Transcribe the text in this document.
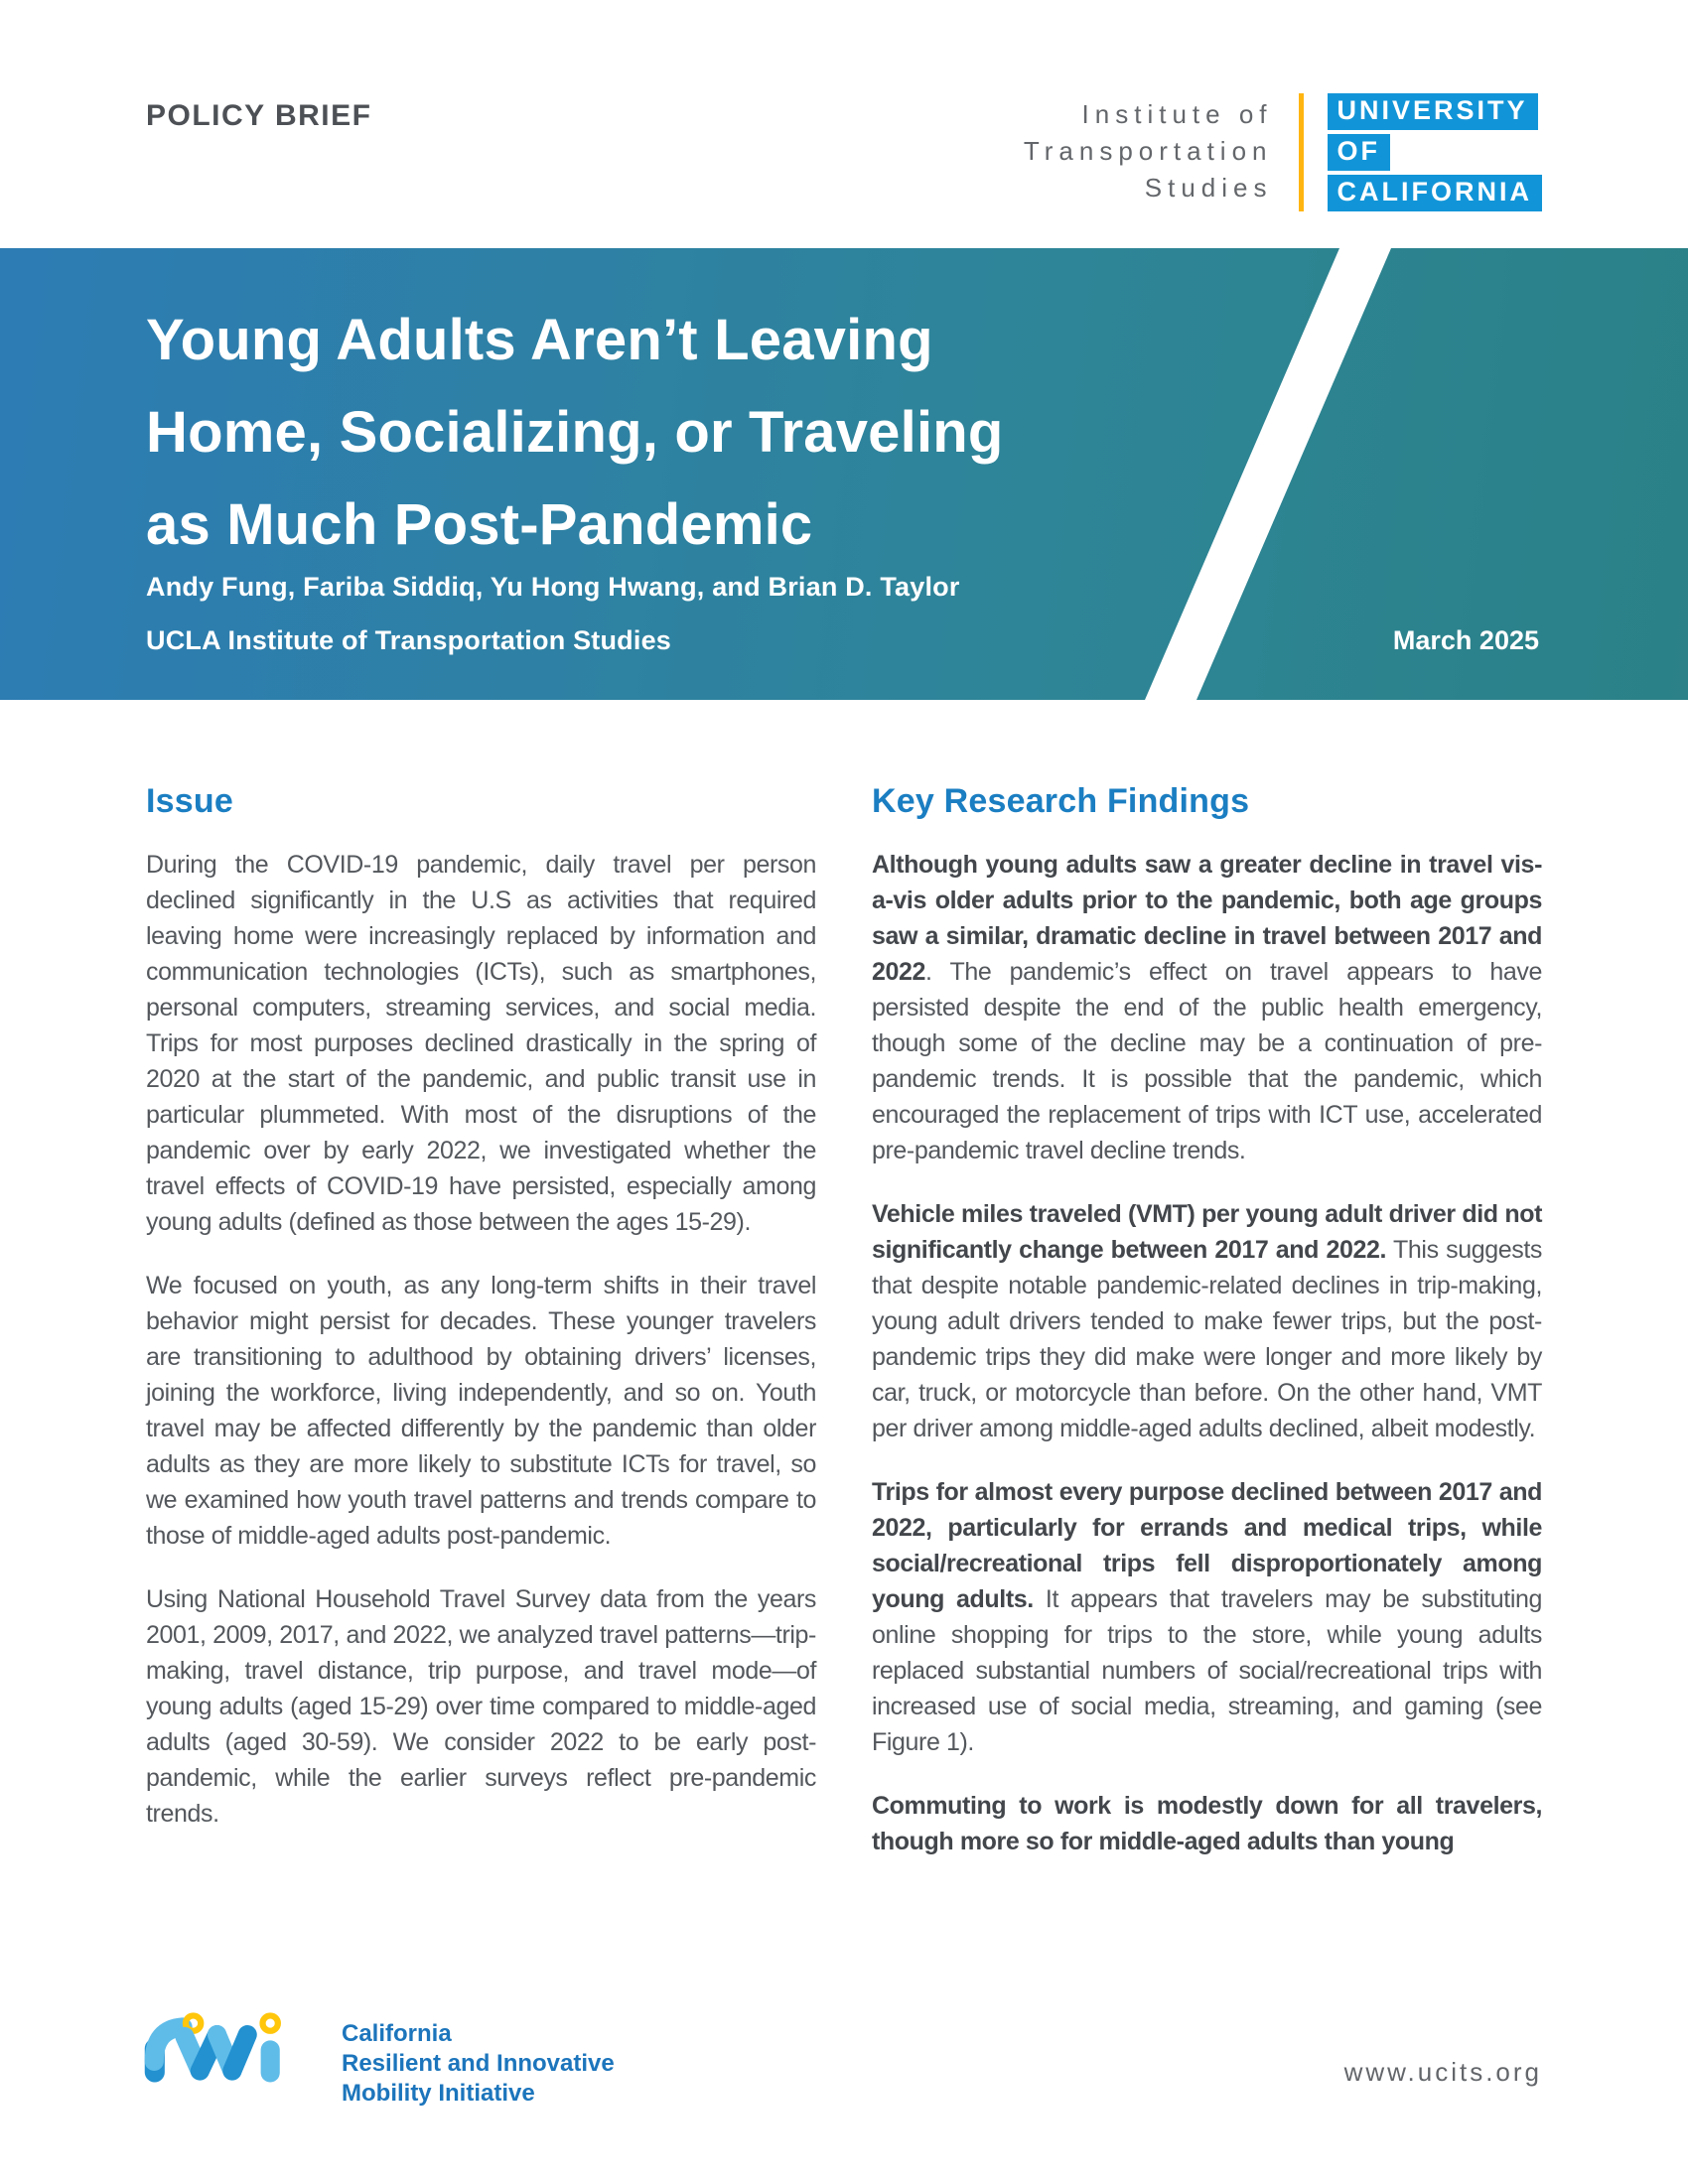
POLICY BRIEF	Institute of
Transportation
Studies
UNIVERSITY
OF
CALIFORNIA
Young Adults Aren’t Leaving
Home, Socializing, or Traveling
as Much Post-Pandemic
Andy Fung, Fariba Siddiq, Yu Hong Hwang, and Brian D. Taylor
UCLA Institute of Transportation Studies	March 2025
Issue

During the COVID-19 pandemic, daily travel per person declined significantly in the U.S as activities that required leaving home were increasingly replaced by information and communication technologies (ICTs), such as smartphones, personal computers, streaming services, and social media. Trips for most purposes declined drastically in the spring of 2020 at the start of the pandemic, and public transit use in particular plummeted. With most of the disruptions of the pandemic over by early 2022, we investigated whether the travel effects of COVID-19 have persisted, especially among young adults (defined as those between the ages 15-29).

We focused on youth, as any long-term shifts in their travel behavior might persist for decades. These younger travelers are transitioning to adulthood by obtaining drivers’ licenses, joining the workforce, living independently, and so on. Youth travel may be affected differently by the pandemic than older adults as they are more likely to substitute ICTs for travel, so we examined how youth travel patterns and trends compare to those of middle-aged adults post-pandemic.

Using National Household Travel Survey data from the years 2001, 2009, 2017, and 2022, we analyzed travel patterns—trip-making, travel distance, trip purpose, and travel mode—of young adults (aged 15-29) over time compared to middle-aged adults (aged 30-59). We consider 2022 to be early post-pandemic, while the earlier surveys reflect pre-pandemic trends.

Key Research Findings

Although young adults saw a greater decline in travel vis-a-vis older adults prior to the pandemic, both age groups saw a similar, dramatic decline in travel between 2017 and 2022. The pandemic’s effect on travel appears to have persisted despite the end of the public health emergency, though some of the decline may be a continuation of pre-pandemic trends. It is possible that the pandemic, which encouraged the replacement of trips with ICT use, accelerated pre-pandemic travel decline trends.

Vehicle miles traveled (VMT) per young adult driver did not significantly change between 2017 and 2022. This suggests that despite notable pandemic-related declines in trip-making, young adult drivers tended to make fewer trips, but the post-pandemic trips they did make were longer and more likely by car, truck, or motorcycle than before. On the other hand, VMT per driver among middle-aged adults declined, albeit modestly.

Trips for almost every purpose declined between 2017 and 2022, particularly for errands and medical trips, while social/recreational trips fell disproportionately among young adults. It appears that travelers may be substituting online shopping for trips to the store, while young adults replaced substantial numbers of social/recreational trips with increased use of social media, streaming, and gaming (see Figure 1).

Commuting to work is modestly down for all travelers, though more so for middle-aged adults than young

California
Resilient and Innovative
Mobility Initiative
www.ucits.org
